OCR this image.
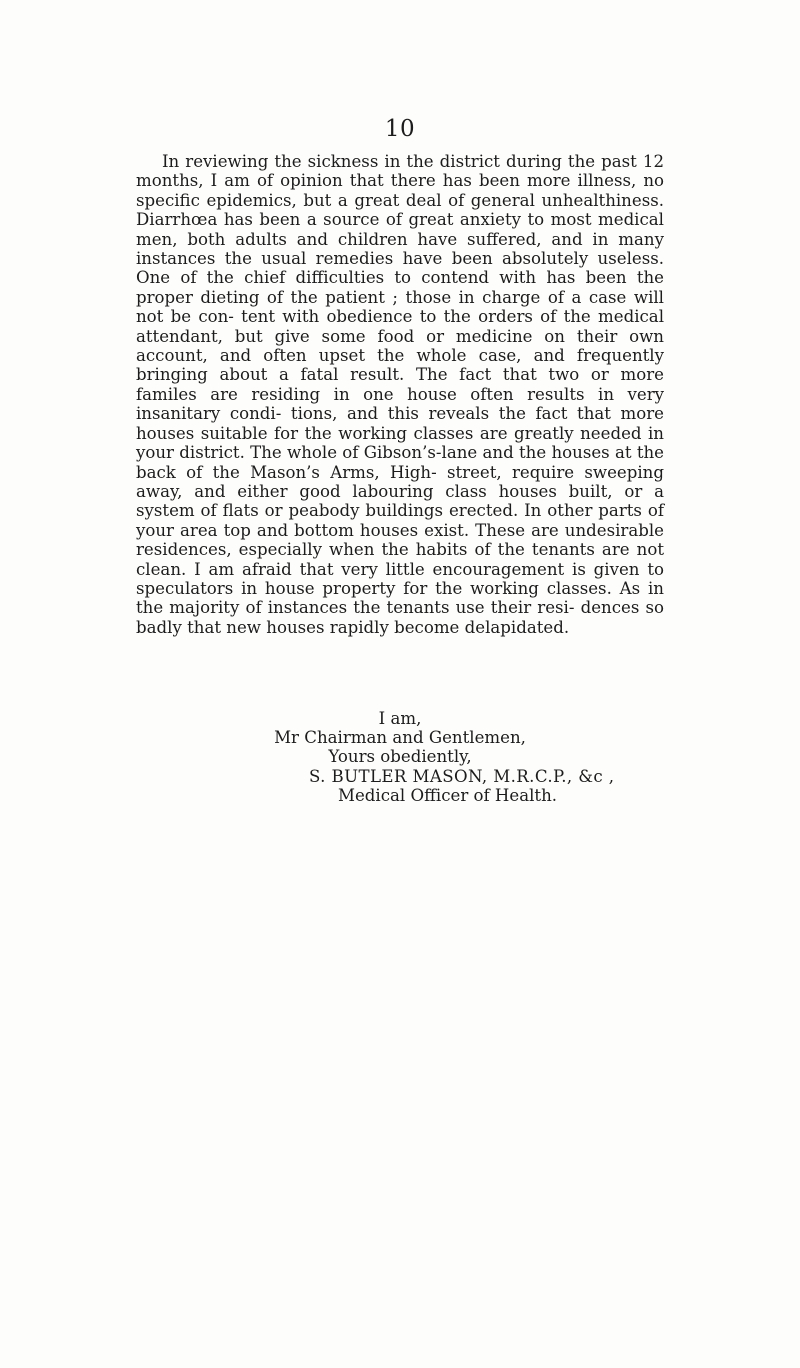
10

In reviewing the sickness in the district during the past 12 months, I am of opinion that there has been more illness, no specific epidemics, but a great deal of general unhealthiness. Diarrhœa has been a source of great anxiety to most medical men, both adults and children have suffered, and in many instances the usual remedies have been absolutely useless. One of the chief difficulties to contend with has been the proper dieting of the patient ; those in charge of a case will not be con- tent with obedience to the orders of the medical attendant, but give some food or medicine on their own account, and often upset the whole case, and frequently bringing about a fatal result. The fact that two or more familes are residing in one house often results in very insanitary condi- tions, and this reveals the fact that more houses suitable for the working classes are greatly needed in your district. The whole of Gibson’s-lane and the houses at the back of the Mason’s Arms, High- street, require sweeping away, and either good labouring class houses built, or a system of flats or peabody buildings erected. In other parts of your area top and bottom houses exist. These are undesirable residences, especially when the habits of the tenants are not clean. I am afraid that very little encouragement is given to speculators in house property for the working classes. As in the majority of instances the tenants use their resi- dences so badly that new houses rapidly become delapidated.

I am,

Mr Chairman and Gentlemen,

Yours obediently,

S. BUTLER MASON, M.R.C.P., &c ,
Medical Officer of Health.
